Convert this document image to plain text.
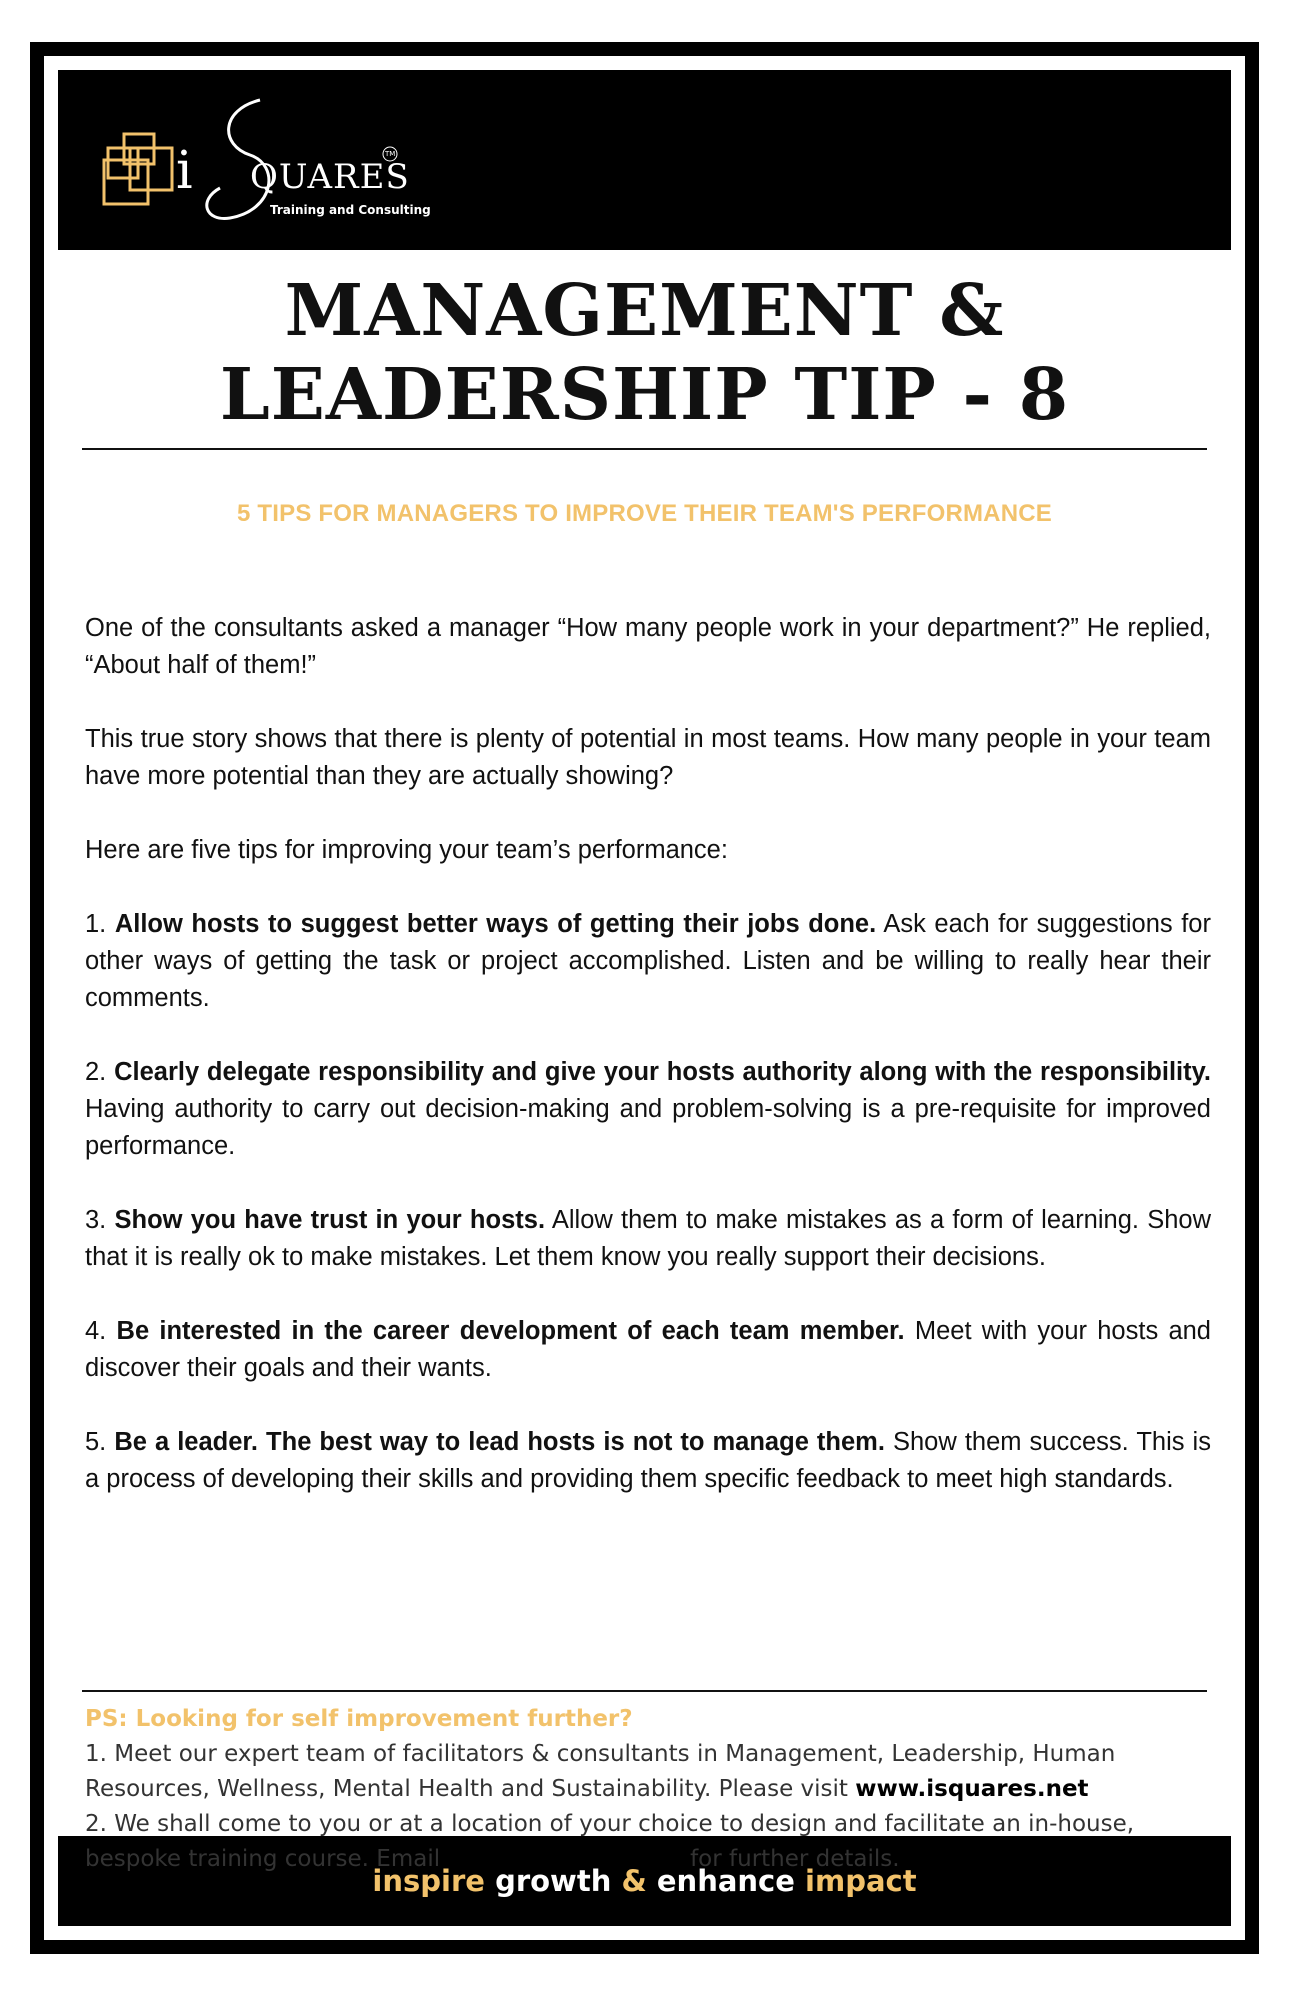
i QUARES
TM
Training and Consulting
MANAGEMENT &
LEADERSHIP TIP - 8
5 TIPS FOR MANAGERS TO IMPROVE THEIR TEAM'S PERFORMANCE

One of the consultants asked a manager “How many people work in your department?” He replied, “About half of them!”

This true story shows that there is plenty of potential in most teams. How many people in your team have more potential than they are actually showing?

Here are five tips for improving your team’s performance:

1. Allow hosts to suggest better ways of getting their jobs done. Ask each for suggestions for other ways of getting the task or project accomplished. Listen and be willing to really hear their comments.

2. Clearly delegate responsibility and give your hosts authority along with the responsibility. Having authority to carry out decision-making and problem-solving is a pre-requisite for improved performance.

3. Show you have trust in your hosts. Allow them to make mistakes as a form of learning. Show that it is really ok to make mistakes. Let them know you really support their decisions.

4. Be interested in the career development of each team member. Meet with your hosts and discover their goals and their wants.

5. Be a leader. The best way to lead hosts is not to manage them. Show them success. This is a process of developing their skills and providing them specific feedback to meet high standards.

PS: Looking for self improvement further?
1. Meet our expert team of facilitators & consultants in Management, Leadership, Human Resources, Wellness, Mental Health and Sustainability. Please visit www.isquares.net
2. We shall come to you or at a location of your choice to design and facilitate an in-house, bespoke training course. Email info@isquares.net for further details.
inspire growth & enhance impact
